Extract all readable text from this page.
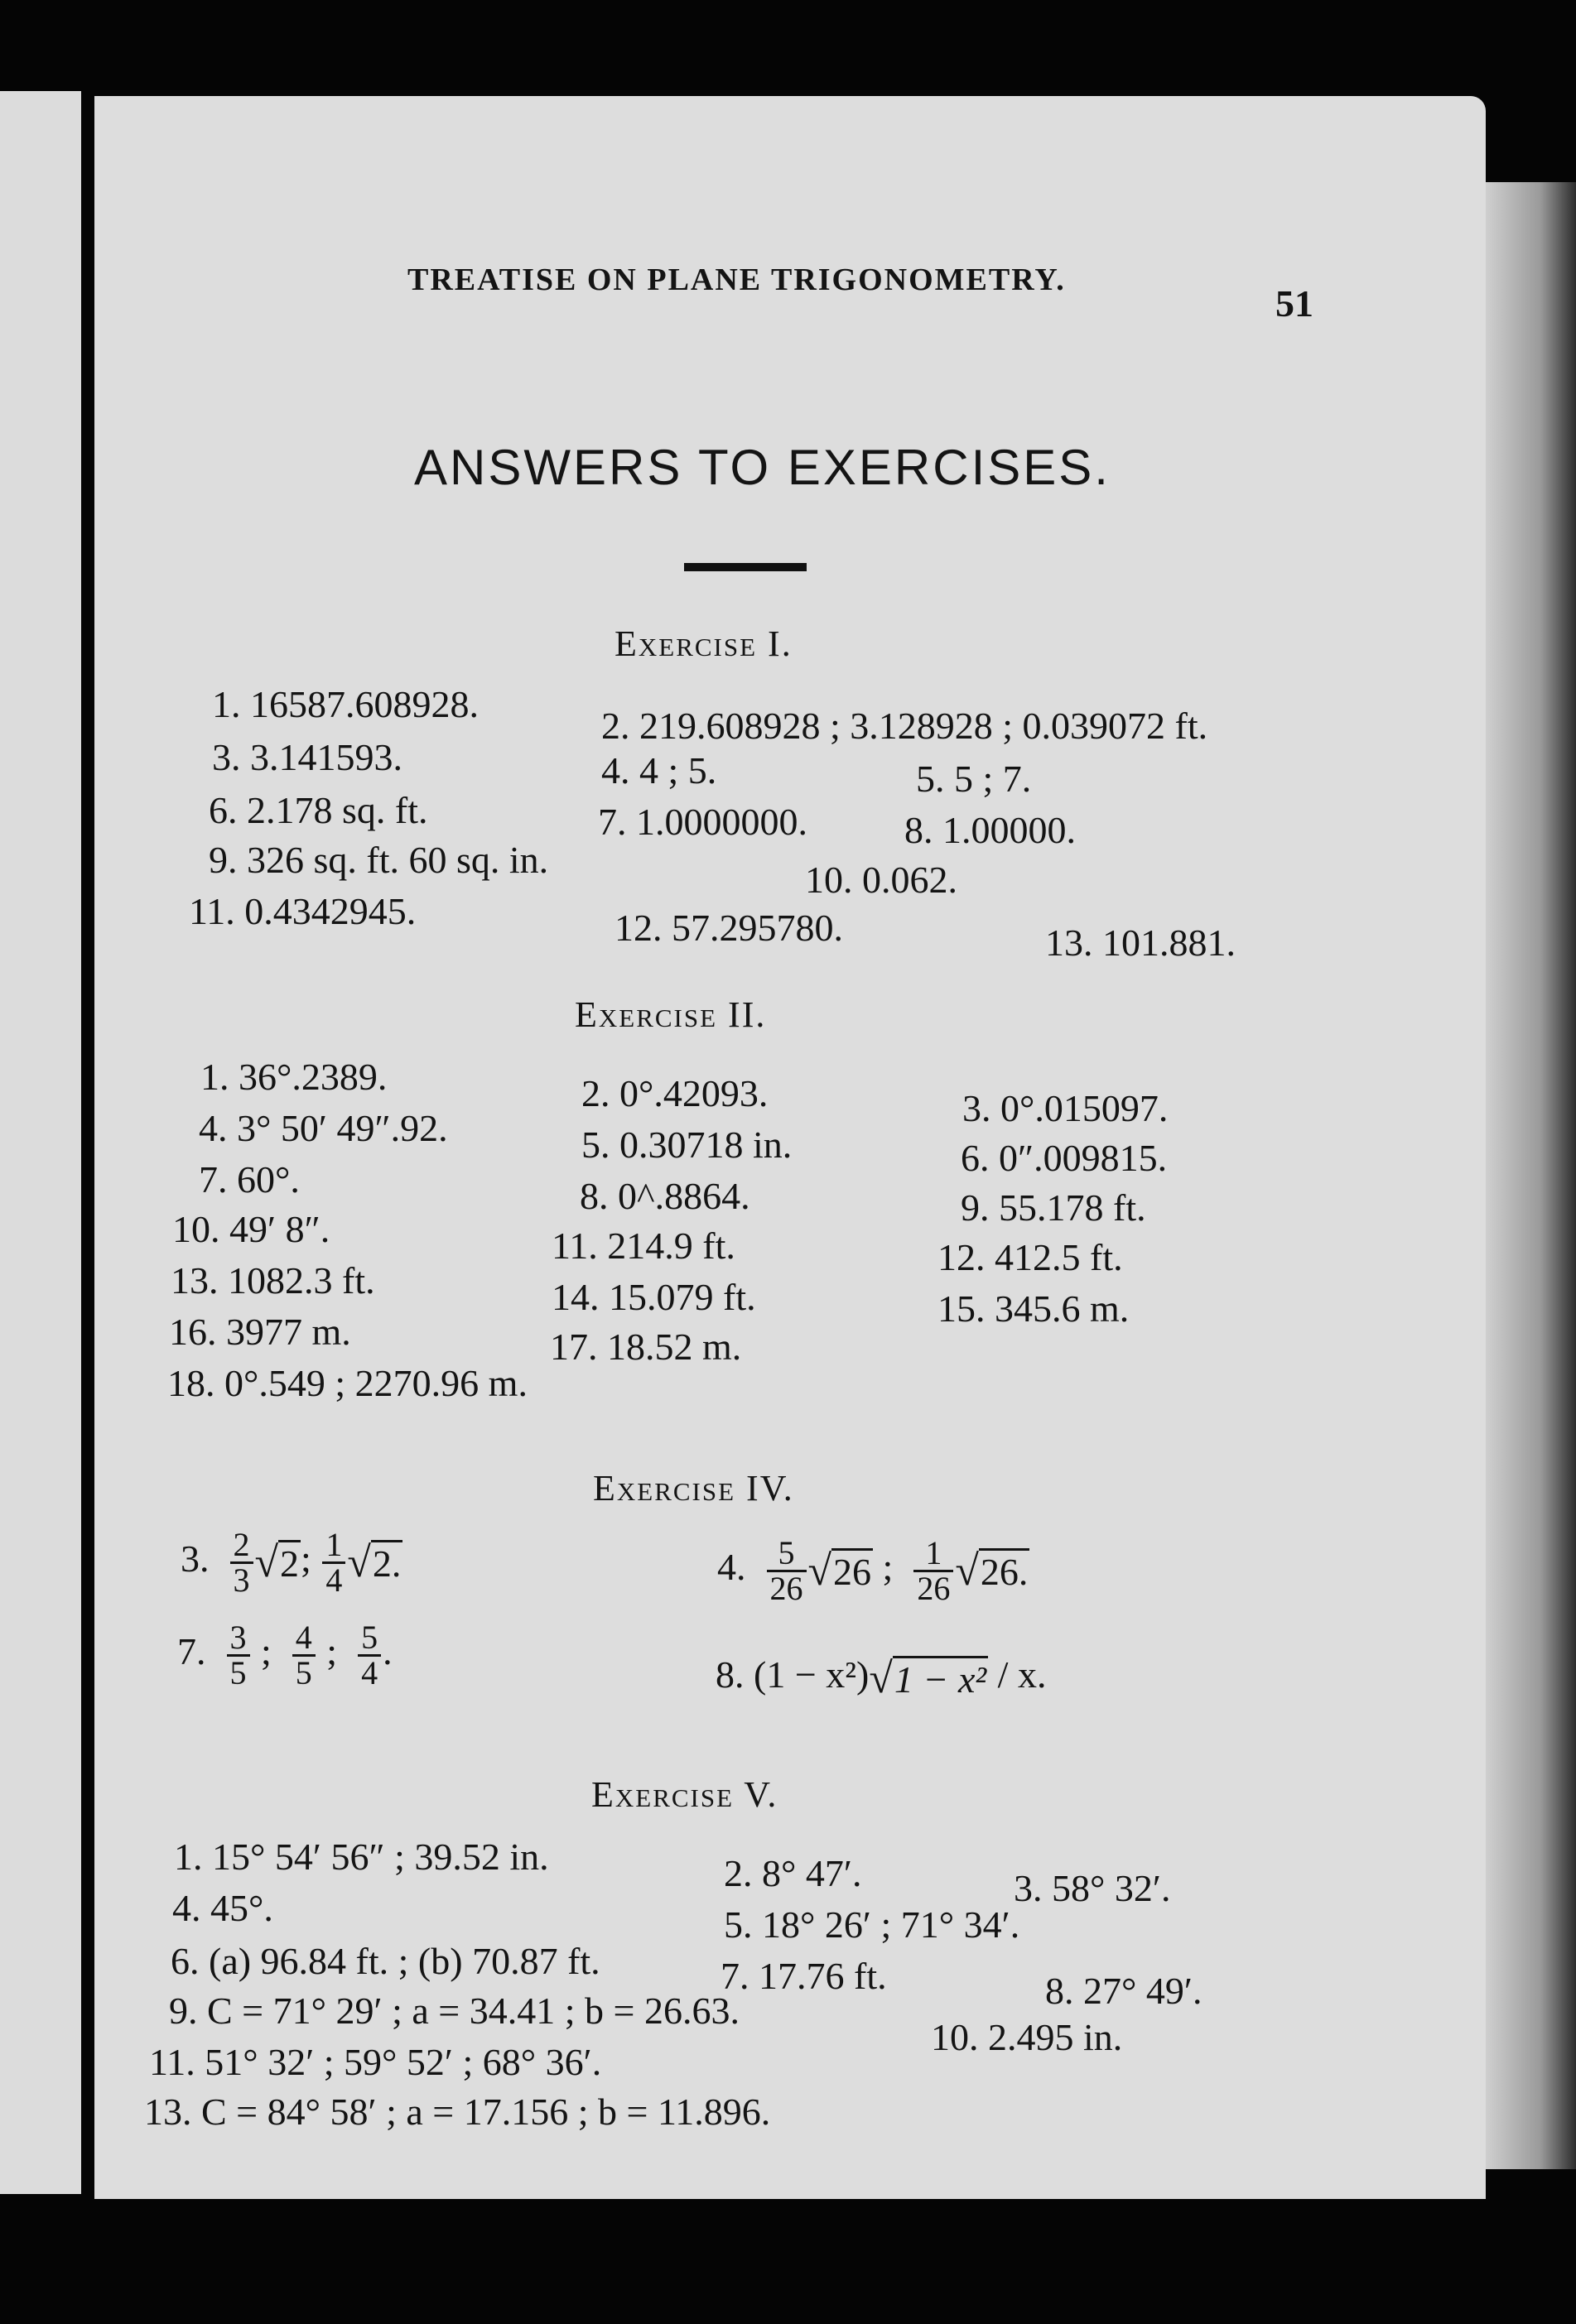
TREATISE ON PLANE TRIGONOMETRY.
51
ANSWERS TO EXERCISES.
Exercise I.
1. 16587.608928.
2. 219.608928 ; 3.128928 ; 0.039072 ft.
3. 3.141593.	4. 4 ; 5.	5. 5 ; 7.
6. 2.178 sq. ft.	7. 1.0000000.	8. 1.00000.
9. 326 sq. ft. 60 sq. in.	10. 0.062.
11. 0.4342945.	12. 57.295780.	13. 101.881.
Exercise II.
1. 36°.2389.	2. 0°.42093.	3. 0°.015097.
4. 3° 50′ 49″.92.	5. 0.30718 in.	6. 0″.009815.
7. 60°.	8. 0^.8864.	9. 55.178 ft.
10. 49′ 8″.	11. 214.9 ft.	12. 412.5 ft.
13. 1082.3 ft.	14. 15.079 ft.	15. 345.6 m.
16. 3977 m.	17. 18.52 m.
18. 0°.549 ; 2270.96 m.
Exercise IV.
3. $\frac{2}{3} √2$; $\frac{1}{4} √2$.	4. $\frac{5}{26} √26$ ; $\frac{1}{26} √26$.
7. $\frac{3}{5}$ ; $\frac{4}{5}$ ; $\frac{5}{4}$ .
8. (1 − x²)√1 − x² / x.
Exercise V.
1. 15° 54′ 56″ ; 39.52 in.	2. 8° 47′.	3. 58° 32′.
4. 45°.	5. 18° 26′ ; 71° 34′.
6. (a) 96.84 ft. ; (b) 70.87 ft.	7. 17.76 ft.	8. 27° 49′.
9. C = 71° 29′ ; a = 34.41 ; b = 26.63.
10. 2.495 in.
11. 51° 32′ ; 59° 52′ ; 68° 36′.
13. C = 84° 58′ ; a = 17.156 ; b = 11.896.
